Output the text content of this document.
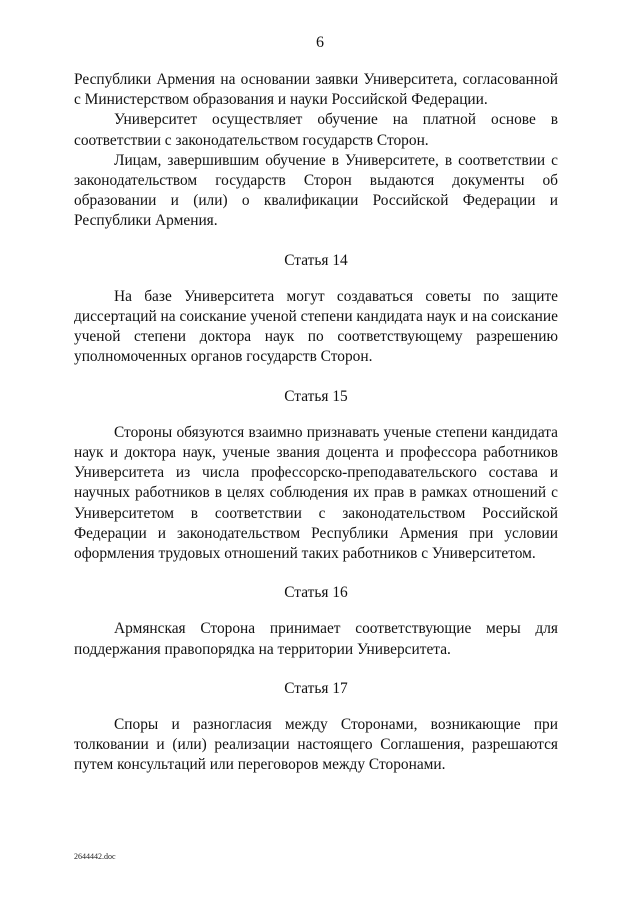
6

Республики Армения на основании заявки Университета, согласованной с Министерством образования и науки Российской Федерации.

Университет осуществляет обучение на платной основе в соответствии с законодательством государств Сторон.

Лицам, завершившим обучение в Университете, в соответствии с законодательством государств Сторон выдаются документы об образовании и (или) о квалификации Российской Федерации и Республики Армения.

Статья 14

На базе Университета могут создаваться советы по защите диссертаций на соискание ученой степени кандидата наук и на соискание ученой степени доктора наук по соответствующему разрешению уполномоченных органов государств Сторон.

Статья 15

Стороны обязуются взаимно признавать ученые степени кандидата наук и доктора наук, ученые звания доцента и профессора работников Университета из числа профессорско-преподавательского состава и научных работников в целях соблюдения их прав в рамках отношений с Университетом в соответствии с законодательством Российской Федерации и законодательством Республики Армения при условии оформления трудовых отношений таких работников с Университетом.

Статья 16

Армянская Сторона принимает соответствующие меры для поддержания правопорядка на территории Университета.

Статья 17

Споры и разногласия между Сторонами, возникающие при толковании и (или) реализации настоящего Соглашения, разрешаются путем консультаций или переговоров между Сторонами.

2644442.doc
